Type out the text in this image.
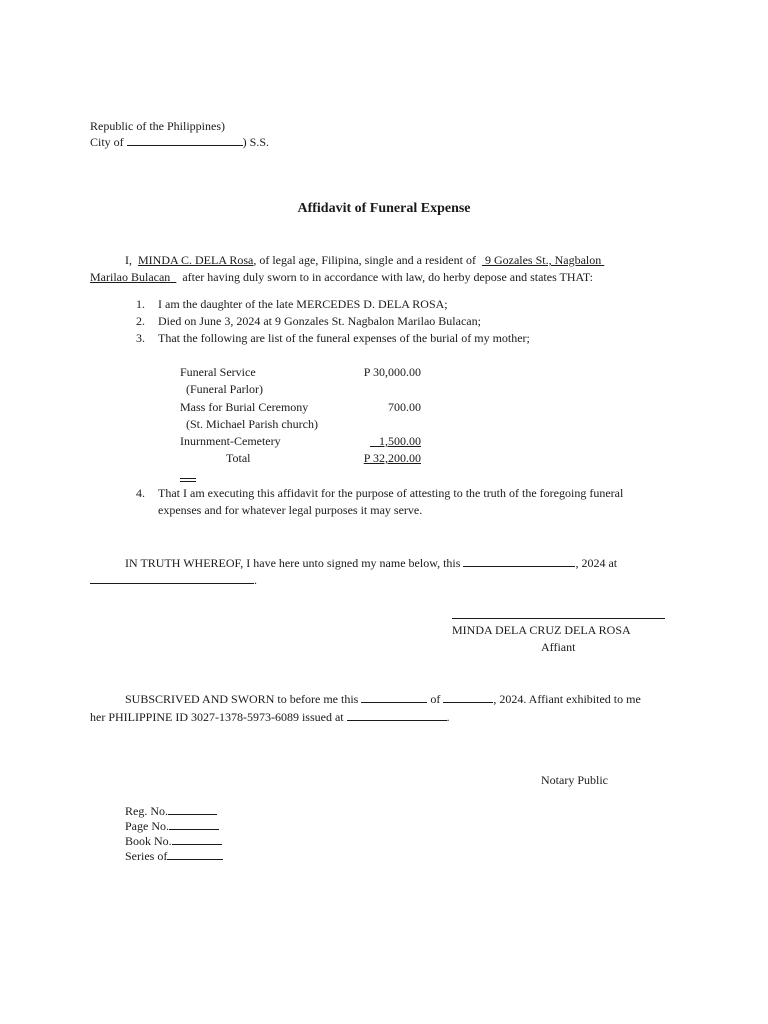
Republic of the Philippines)
City of	) S.S.
Affidavit of Funeral Expense
I, MINDA C. DELA Rosa, of legal age, Filipina, single and a resident of 9 Gozales St., Nagbalon
Marilao Bulacan after having duly sworn to in accordance with law, do herby depose and states THAT:
1. I am the daughter of the late MERCEDES D. DELA ROSA;
2. Died on June 3, 2024 at 9 Gonzales St. Nagbalon Marilao Bulacan;
3. That the following are list of the funeral expenses of the burial of my mother;
Funeral Service	P 30,000.00
(Funeral Parlor)
Mass for Burial Ceremony	700.00
(St. Michael Parish church)
Inurnment-Cemetery	1,500.00
Total	P 32,200.00
4. That I am executing this affidavit for the purpose of attesting to the truth of the foregoing funeral
expenses and for whatever legal purposes it may serve.
IN TRUTH WHEREOF, I have here unto signed my name below, this	, 2024 at
.
MINDA DELA CRUZ DELA ROSA
Affiant
SUBSCRIVED AND SWORN to before me this	of	, 2024. Affiant exhibited to me
her PHILIPPINE ID 3027-1378-5973-6089 issued at	.
Notary Public
Reg. No.
Page No.
Book No.
Series of
